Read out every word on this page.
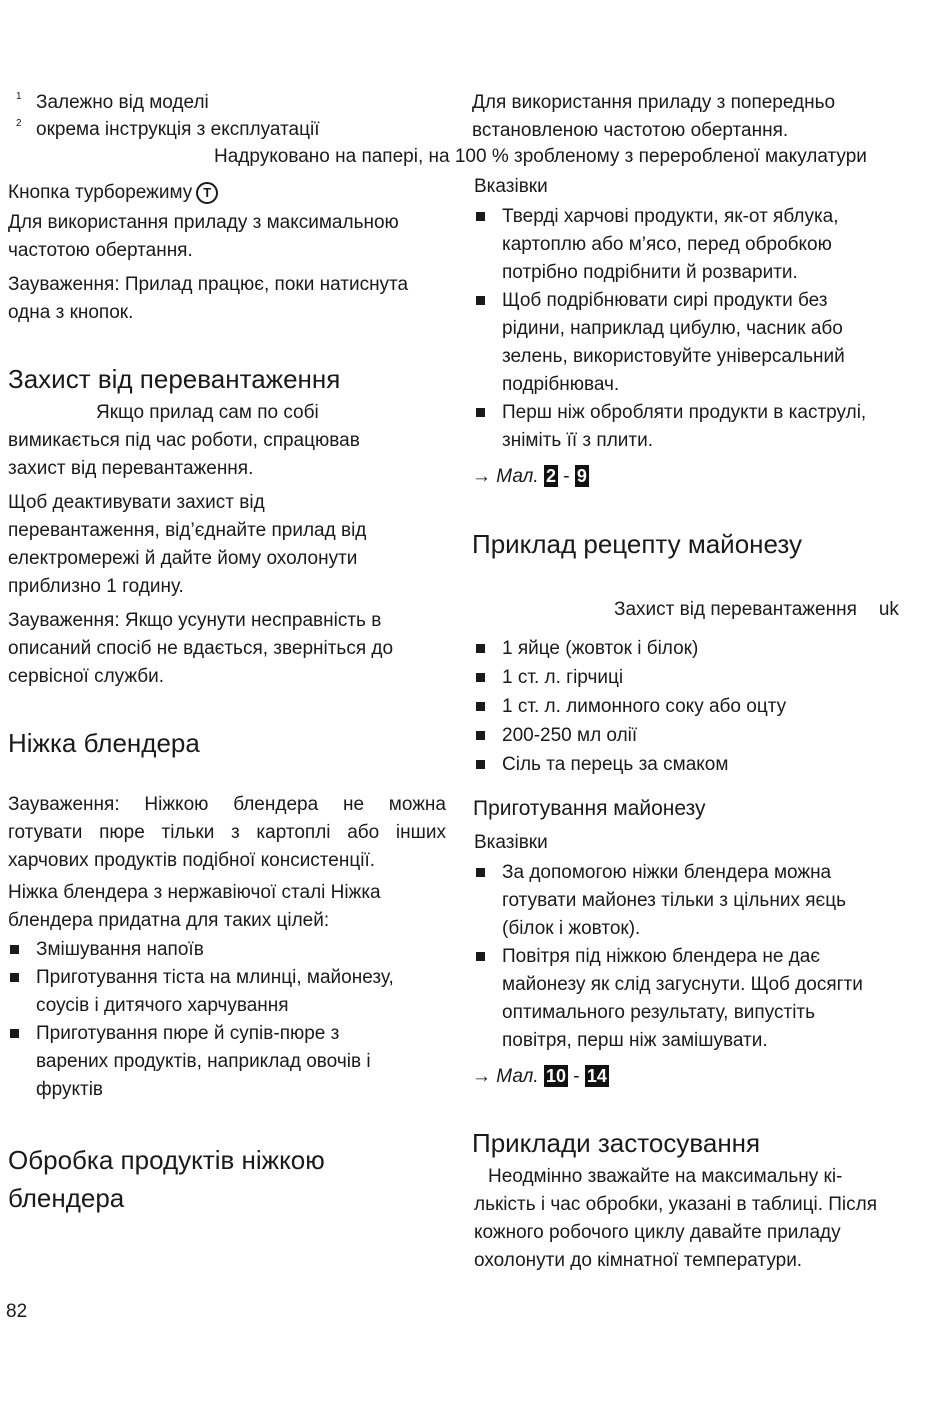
1 Залежно від моделі
2 окрема інструкція з експлуатації
Надруковано на папері, на 100 % зробленому з переробленої макулатури
Кнопка турборежиму T
Для використання приладу з максимальною
частотою обертання.
Зауваження: Прилад працює, поки натиснута
одна з кнопок.
Захист від перевантаження
Якщо прилад сам по собі
вимикається під час роботи, спрацював
захист від перевантаження.
Щоб деактивувати захист від
перевантаження, від’єднайте прилад від
електромережі й дайте йому охолонути
приблизно 1 годину.
Зауваження: Якщо усунути несправність в
описаний спосіб не вдається, зверніться до
сервісної служби.
Ніжка блендера
Зауваження: Ніжкою блендера не можна
готувати пюре тільки з картоплі або інших
харчових продуктів подібної консистенції.
Ніжка блендера з нержавіючої сталі Ніжка
блендера придатна для таких цілей:
Змішування напоїв
Приготування тіста на млинці, майонезу,
соусів і дитячого харчування
Приготування пюре й супів-пюре з
варених продуктів, наприклад овочів і
фруктів
Обробка продуктів ніжкою
блендера
82
Для використання приладу з попередньо
встановленою частотою обертання.
Вказівки
Тверді харчові продукти, як-от яблука,
картоплю або м’ясо, перед обробкою
потрібно подрібнити й розварити.
Щоб подрібнювати сирі продукти без
рідини, наприклад цибулю, часник або
зелень, використовуйте універсальний
подрібнювач.
Перш ніж обробляти продукти в каструлі,
зніміть її з плити.
→ Мал. 2 - 9
Приклад рецепту майонезу
Захист від перевантаження uk
1 яйце (жовток і білок)
1 ст. л. гірчиці
1 ст. л. лимонного соку або оцту
200-250 мл олії
Сіль та перець за смаком
Приготування майонезу
Вказівки
За допомогою ніжки блендера можна
готувати майонез тільки з цільних яєць
(білок і жовток).
Повітря під ніжкою блендера не дає
майонезу як слід загуснути. Щоб досягти
оптимального результату, випустіть
повітря, перш ніж замішувати.
→ Мал. 10 - 14
Приклади застосування
Неодмінно зважайте на максимальну кі-
лькість і час обробки, указані в таблиці. Після
кожного робочого циклу давайте приладу
охолонути до кімнатної температури.
